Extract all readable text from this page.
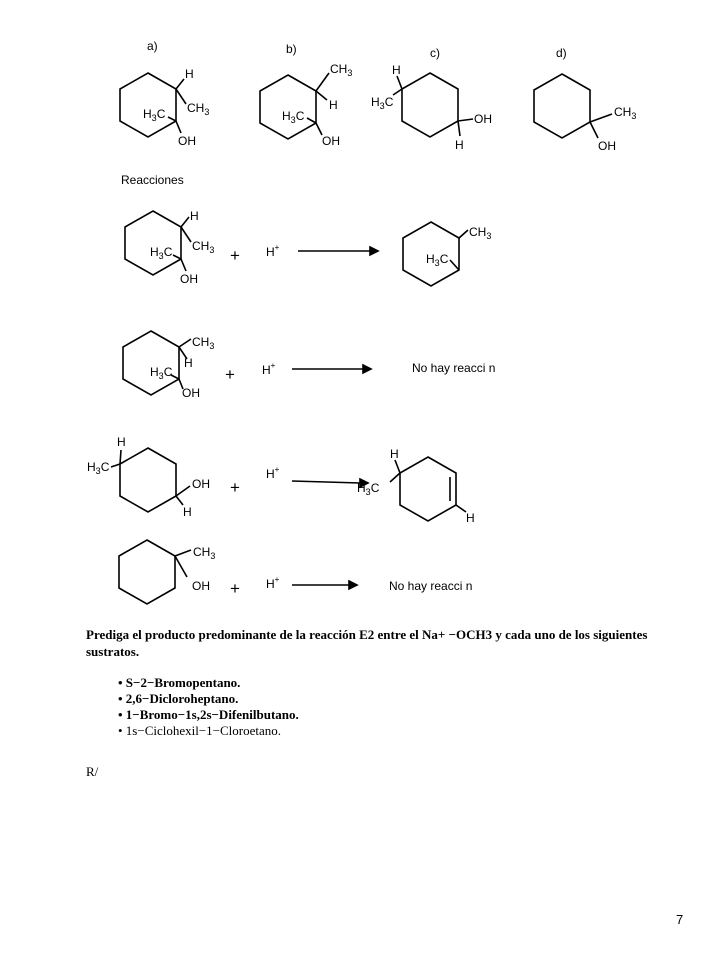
a)	b)	c)	d)
H
$CH_3$
$H_3C$
OH
$CH_3$
H
$H_3C$
OH
H
$H_3C$
OH
H
$CH_3$
OH
Reacciones
H
$CH_3$
$H_3C$
OH
+ H+
$CH_3$
$H_3C$
$CH_3$
H
$H_3C$
OH
+ H+	No hay reacci n
H
$H_3C$
OH
H
+
H+
H
$H_3C$
H
$CH_3$
OH + H+	No hay reacci n
Prediga el producto predominante de la reacción E2 entre el Na+ −OCH3 y cada uno de los siguientes sustratos.
• S−2−Bromopentano.
• 2,6−Dicloroheptano.
• 1−Bromo−1s,2s−Difenilbutano.
• 1s−Ciclohexil−1−Cloroetano.
R/
7
